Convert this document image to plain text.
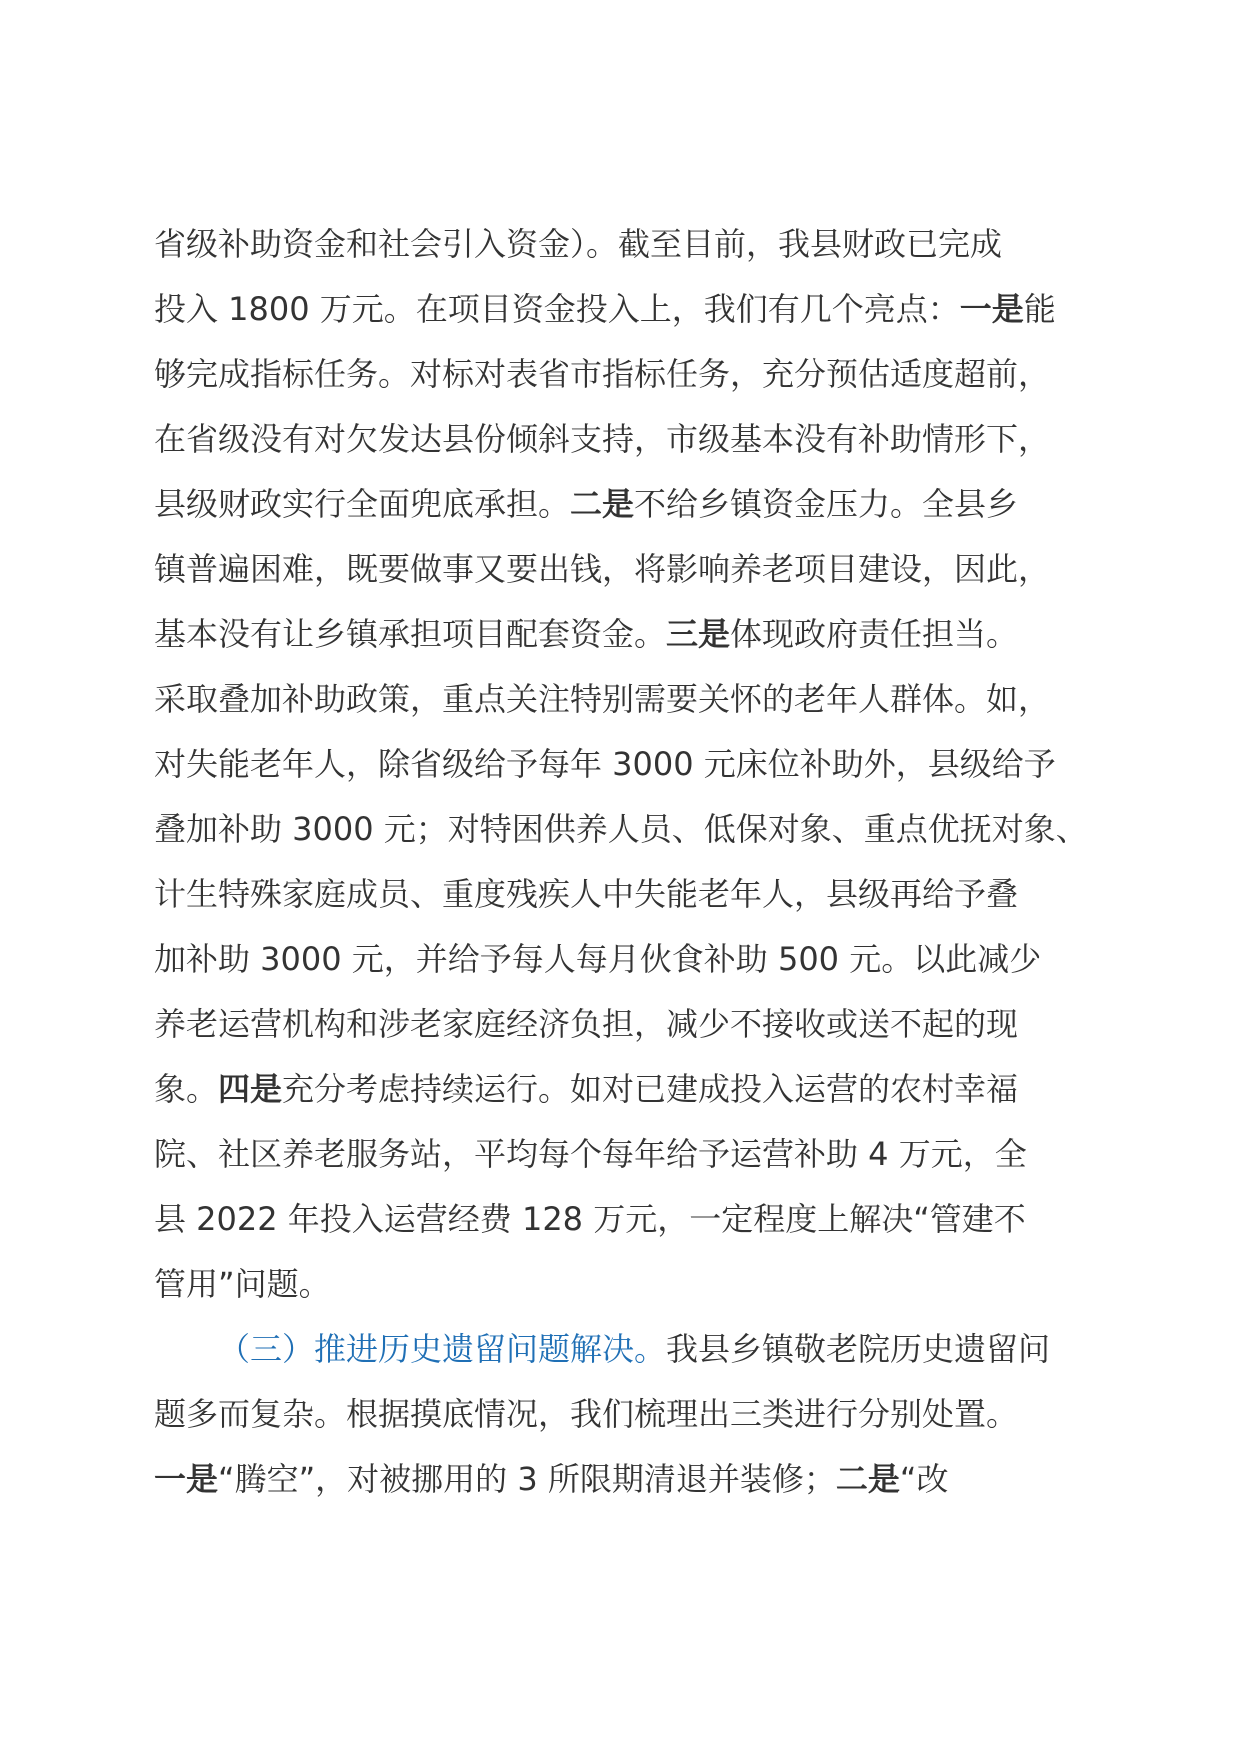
省级补助资金和社会引入资金）。截至目前，我县财政已完成
投入 1800 万元。在项目资金投入上，我们有几个亮点：一是能
够完成指标任务。对标对表省市指标任务，充分预估适度超前，
在省级没有对欠发达县份倾斜支持，市级基本没有补助情形下，
县级财政实行全面兜底承担。二是不给乡镇资金压力。全县乡
镇普遍困难，既要做事又要出钱，将影响养老项目建设，因此，
基本没有让乡镇承担项目配套资金。三是体现政府责任担当。
采取叠加补助政策，重点关注特别需要关怀的老年人群体。如，
对失能老年人，除省级给予每年 3000 元床位补助外，县级给予
叠加补助 3000 元；对特困供养人员、低保对象、重点优抚对象、
计生特殊家庭成员、重度残疾人中失能老年人，县级再给予叠
加补助 3000 元，并给予每人每月伙食补助 500 元。以此减少
养老运营机构和涉老家庭经济负担，减少不接收或送不起的现
象。四是充分考虑持续运行。如对已建成投入运营的农村幸福
院、社区养老服务站，平均每个每年给予运营补助 4 万元，全
县 2022 年投入运营经费 128 万元，一定程度上解决“管建不
管用”问题。
（三）推进历史遗留问题解决。我县乡镇敬老院历史遗留问
题多而复杂。根据摸底情况，我们梳理出三类进行分别处置。
一是“腾空”，对被挪用的 3 所限期清退并装修；二是“改
